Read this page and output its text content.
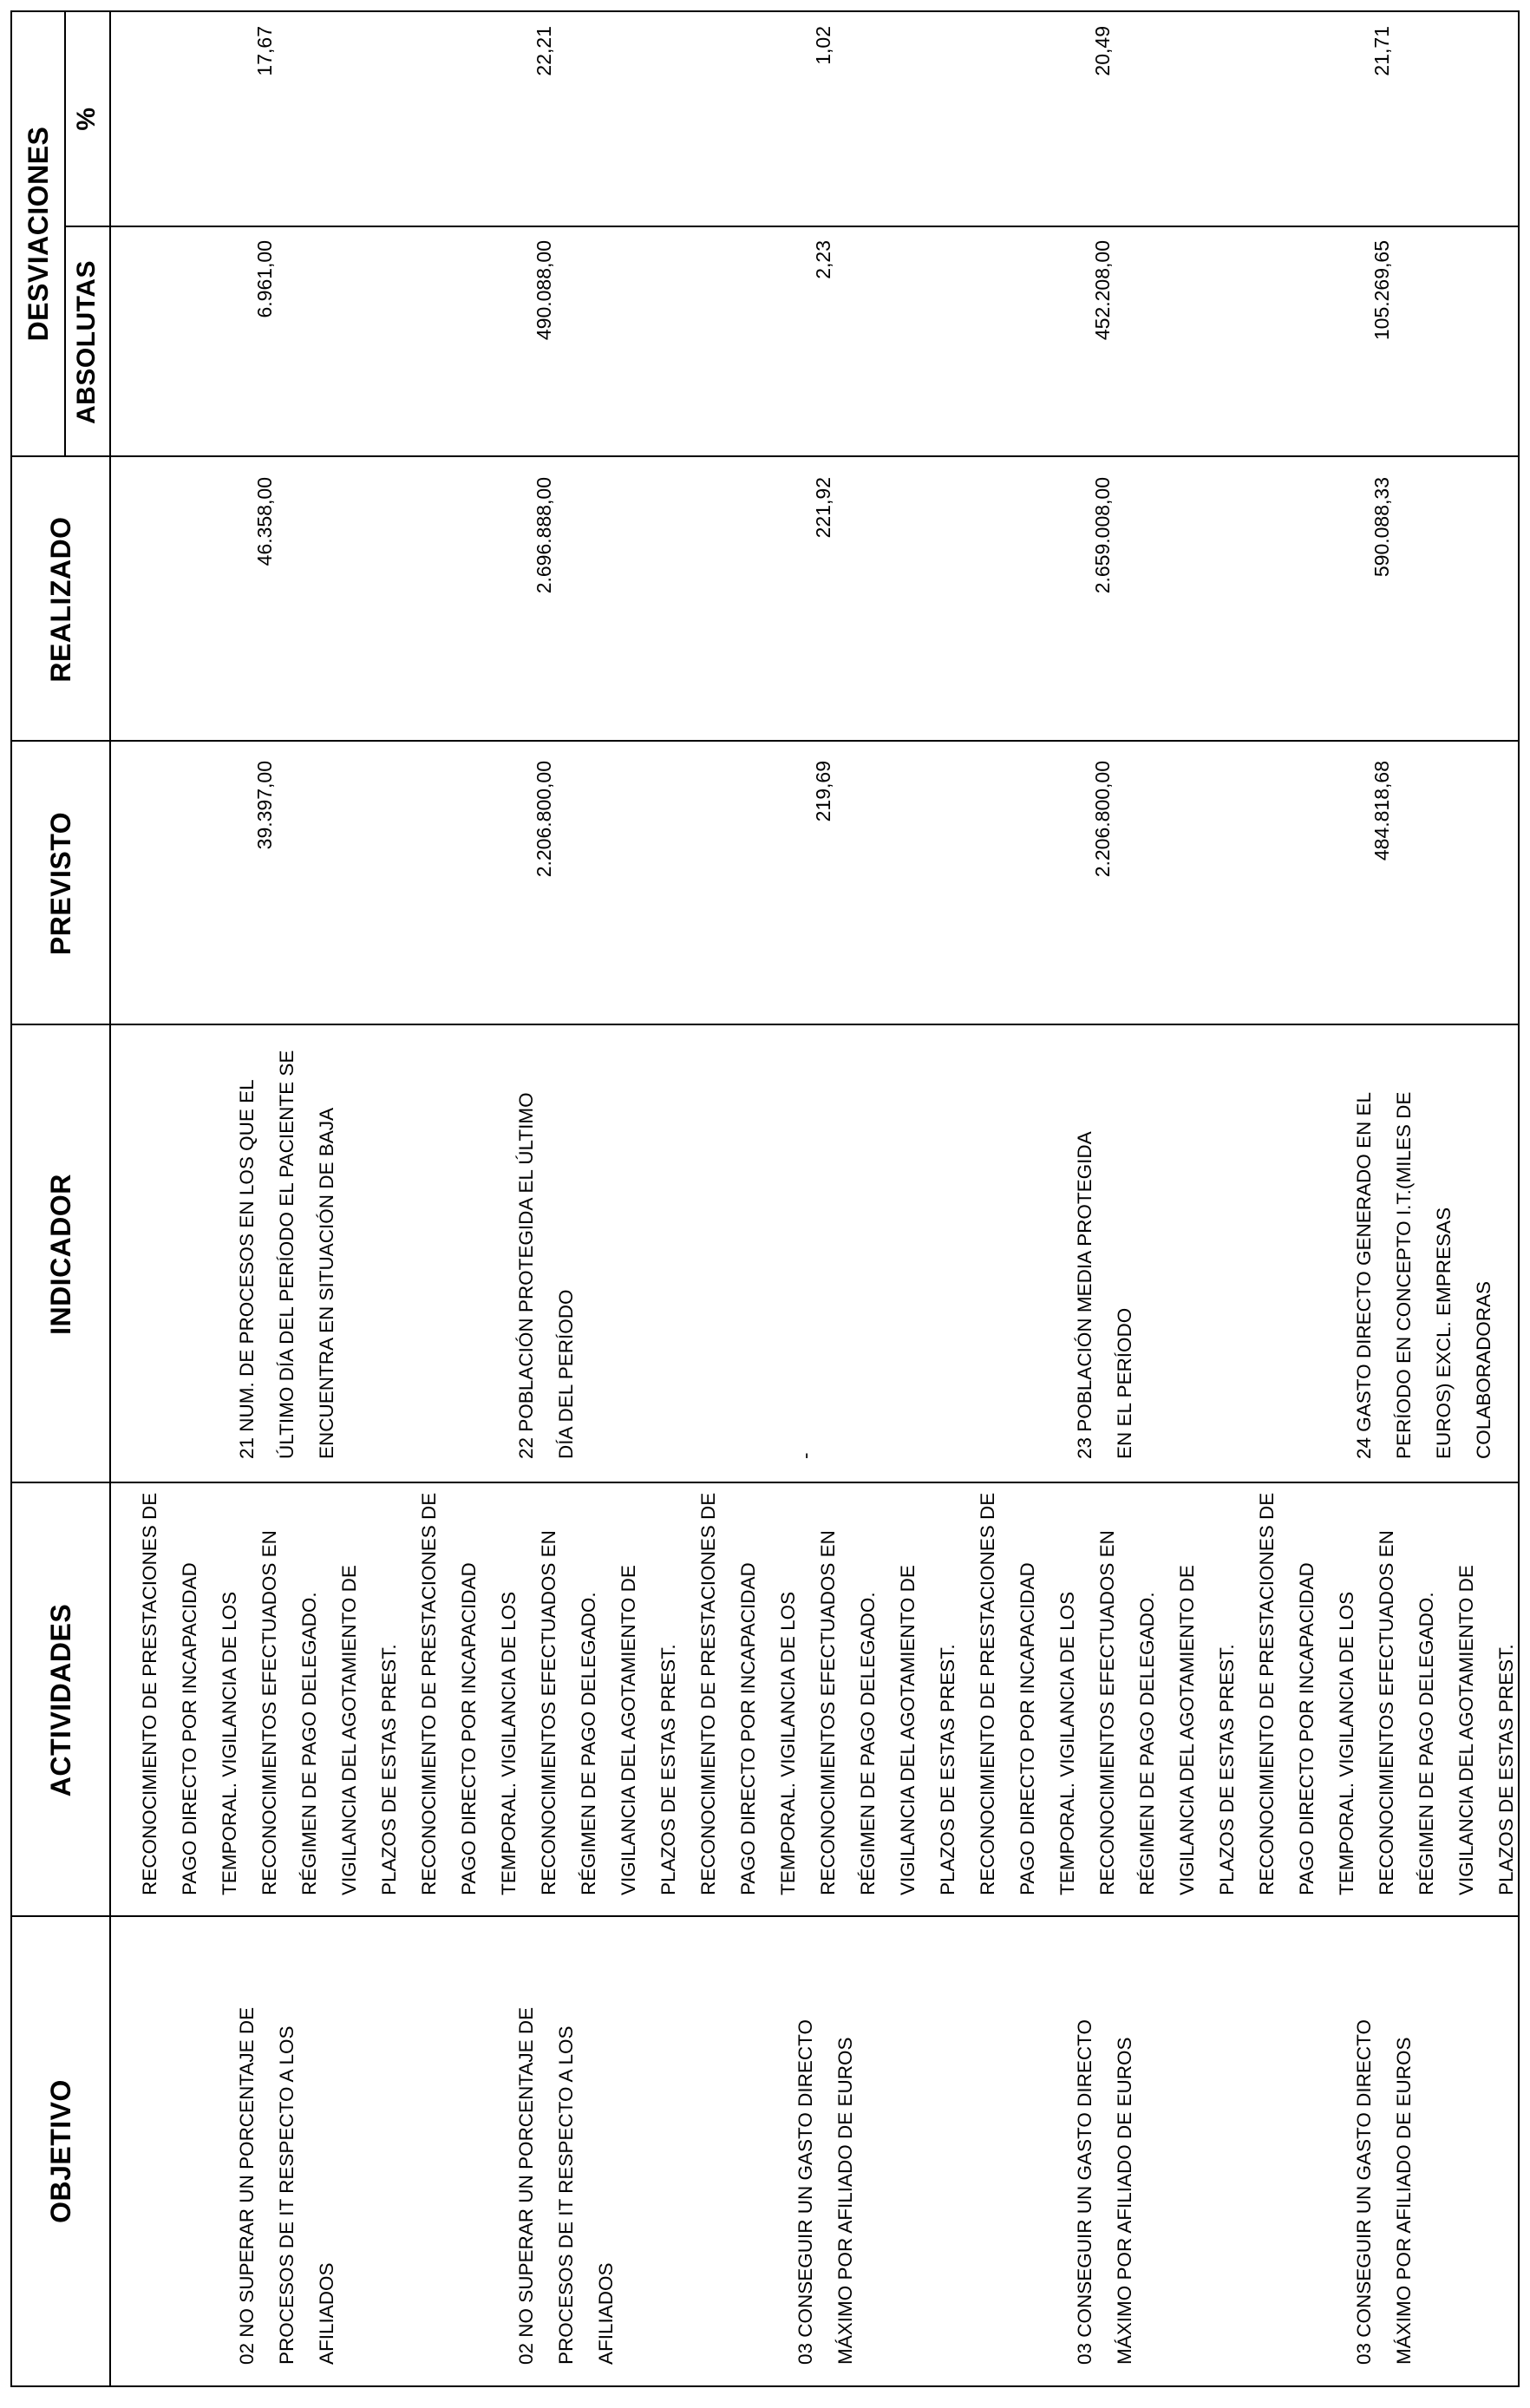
OBJETIVO
ACTIVIDADES
INDICADOR
PREVISTO
REALIZADO
DESVIACIONES
ABSOLUTAS
%
02 NO SUPERAR UN PORCENTAJE DE PROCESOS DE IT RESPECTO A LOS AFILIADOS
RECONOCIMIENTO DE PRESTACIONES DE PAGO DIRECTO POR INCAPACIDAD TEMPORAL. VIGILANCIA DE LOS RECONOCIMIENTOS EFECTUADOS EN RÉGIMEN DE PAGO DELEGADO. VIGILANCIA DEL AGOTAMIENTO DE PLAZOS DE ESTAS PREST.
21 NUM. DE PROCESOS EN LOS QUE EL ÚLTIMO DÍA DEL PERÍODO EL PACIENTE SE ENCUENTRA EN SITUACIÓN DE BAJA
39.397,00
46.358,00
6.961,00
17,67
02 NO SUPERAR UN PORCENTAJE DE PROCESOS DE IT RESPECTO A LOS AFILIADOS
RECONOCIMIENTO DE PRESTACIONES DE PAGO DIRECTO POR INCAPACIDAD TEMPORAL. VIGILANCIA DE LOS RECONOCIMIENTOS EFECTUADOS EN RÉGIMEN DE PAGO DELEGADO. VIGILANCIA DEL AGOTAMIENTO DE PLAZOS DE ESTAS PREST.
22 POBLACIÓN PROTEGIDA EL ÚLTIMO DÍA DEL PERÍODO
2.206.800,00
2.696.888,00
490.088,00
22,21
03 CONSEGUIR UN GASTO DIRECTO MÁXIMO POR AFILIADO DE EUROS
RECONOCIMIENTO DE PRESTACIONES DE PAGO DIRECTO POR INCAPACIDAD TEMPORAL. VIGILANCIA DE LOS RECONOCIMIENTOS EFECTUADOS EN RÉGIMEN DE PAGO DELEGADO. VIGILANCIA DEL AGOTAMIENTO DE PLAZOS DE ESTAS PREST.
-
219,69
221,92
2,23
1,02
03 CONSEGUIR UN GASTO DIRECTO MÁXIMO POR AFILIADO DE EUROS
RECONOCIMIENTO DE PRESTACIONES DE PAGO DIRECTO POR INCAPACIDAD TEMPORAL. VIGILANCIA DE LOS RECONOCIMIENTOS EFECTUADOS EN RÉGIMEN DE PAGO DELEGADO. VIGILANCIA DEL AGOTAMIENTO DE PLAZOS DE ESTAS PREST.
23 POBLACIÓN MEDIA PROTEGIDA EN EL PERÍODO
2.206.800,00
2.659.008,00
452.208,00
20,49
03 CONSEGUIR UN GASTO DIRECTO MÁXIMO POR AFILIADO DE EUROS
RECONOCIMIENTO DE PRESTACIONES DE PAGO DIRECTO POR INCAPACIDAD TEMPORAL. VIGILANCIA DE LOS RECONOCIMIENTOS EFECTUADOS EN RÉGIMEN DE PAGO DELEGADO. VIGILANCIA DEL AGOTAMIENTO DE PLAZOS DE ESTAS PREST.
24 GASTO DIRECTO GENERADO EN EL PERÍODO EN CONCEPTO I.T.(MILES DE EUROS) EXCL. EMPRESAS COLABORADORAS
484.818,68
590.088,33
105.269,65
21,71
